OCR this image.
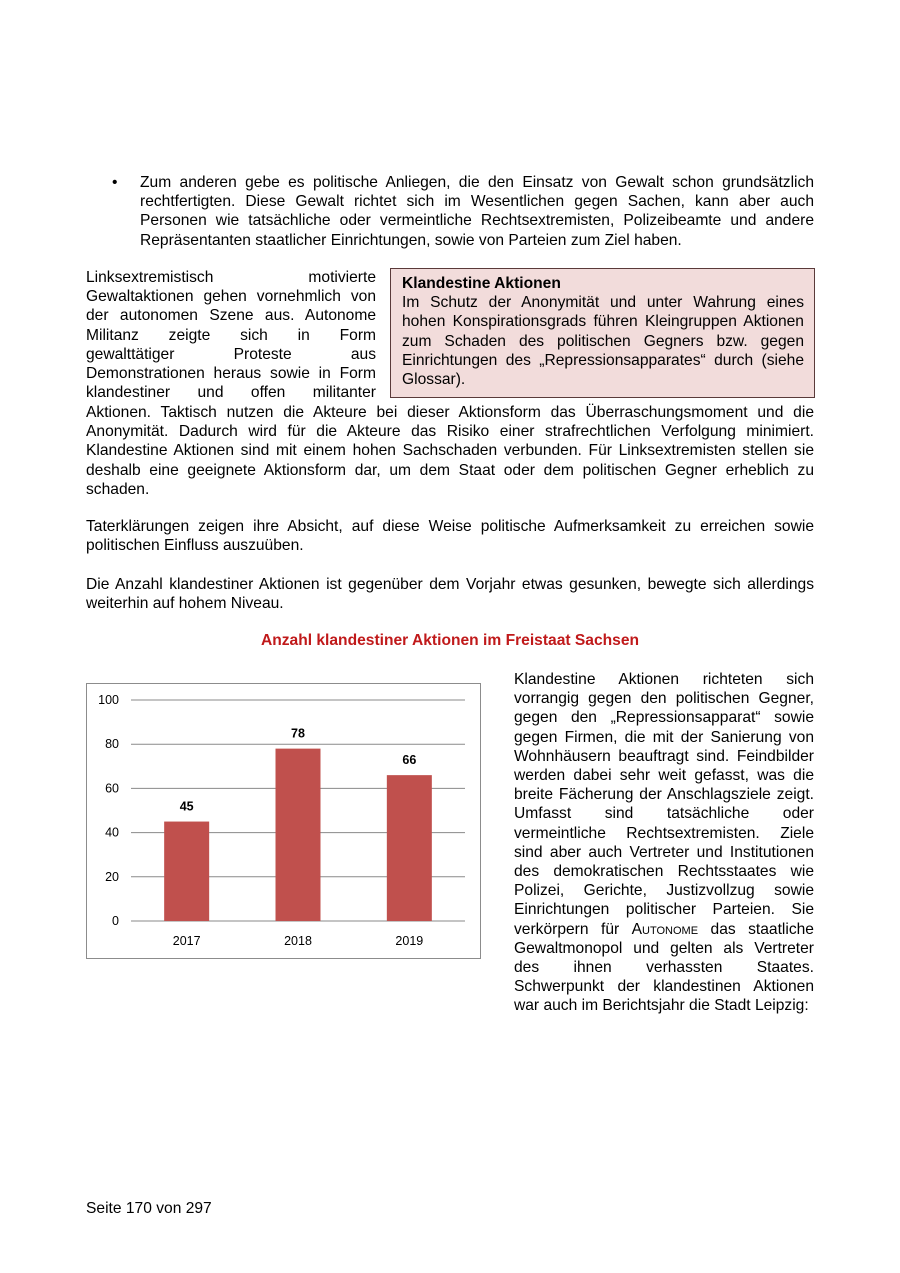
• Zum anderen gebe es politische Anliegen, die den Einsatz von Gewalt schon grundsätzlich rechtfertigten. Diese Gewalt richtet sich im Wesentlichen gegen Sachen, kann aber auch Personen wie tatsächliche oder vermeintliche Rechtsextremisten, Polizeibeamte und andere Repräsentanten staatlicher Einrichtungen, sowie von Parteien zum Ziel haben.

Linksextremistisch motivierte

Gewaltaktionen gehen vornehmlich von

der autonomen Szene aus. Autonome

Militanz zeigte sich in Form

gewalttätiger Proteste aus

Demonstrationen heraus sowie in Form

klandestiner und offen militanter

Klandestine Aktionen
Im Schutz der Anonymität und unter Wahrung eines hohen Konspirationsgrads führen Kleingruppen Aktionen zum Schaden des politischen Gegners bzw. gegen Einrichtungen des „Repressionsapparates“ durch (siehe Glossar).

Aktionen. Taktisch nutzen die Akteure bei dieser Aktionsform das Überraschungsmoment und die Anonymität. Dadurch wird für die Akteure das Risiko einer strafrechtlichen Verfolgung minimiert. Klandestine Aktionen sind mit einem hohen Sachschaden verbunden. Für Linksextremisten stellen sie deshalb eine geeignete Aktionsform dar, um dem Staat oder dem politischen Gegner erheblich zu schaden.

Taterklärungen zeigen ihre Absicht, auf diese Weise politische Aufmerksamkeit zu erreichen sowie politischen Einfluss auszuüben.

Die Anzahl klandestiner Aktionen ist gegenüber dem Vorjahr etwas gesunken, bewegte sich allerdings weiterhin auf hohem Niveau.

Anzahl klandestiner Aktionen im Freistaat Sachsen
0
20
40
60
80
100
45
2017
78
2018
66
2019

Klandestine Aktionen richteten sich vorrangig gegen den politischen Gegner, gegen den „Repressionsapparat“ sowie gegen Firmen, die mit der Sanierung von Wohnhäusern beauftragt sind. Feindbilder werden dabei sehr weit gefasst, was die breite Fächerung der Anschlagsziele zeigt. Umfasst sind tatsächliche oder vermeintliche Rechtsextremisten. Ziele sind aber auch Vertreter und Institutionen des demokratischen Rechtsstaates wie Polizei, Gerichte, Justizvollzug sowie Einrichtungen politischer Parteien. Sie verkörpern für Autonome das staatliche Gewaltmonopol und gelten als Vertreter des ihnen verhassten Staates. Schwerpunkt der klandestinen Aktionen war auch im Berichtsjahr die Stadt Leipzig:

Seite 170 von 297
